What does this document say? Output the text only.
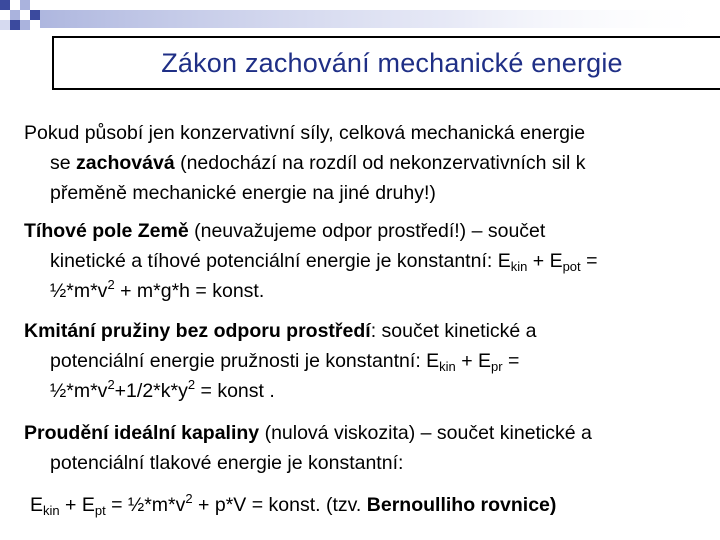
Zákon zachování mechanické energie
Pokud působí jen konzervativní síly, celková mechanická energie
se zachovává (nedochází na rozdíl od nekonzervativních sil k
přeměně mechanické energie na jiné druhy!)
Tíhové pole Země (neuvažujeme odpor prostředí!) – součet
kinetické a tíhové potenciální energie je konstantní: $E_{kin} + E_{pot}$ =
$\frac{1}{2}*m*v^2 + m*g*h$ = konst.
Kmitání pružiny bez odporu prostředí: součet kinetické a
potenciální energie pružnosti je konstantní: $E_{kin} + E_{pr}$ =
$\frac{1}{2}*m*v^2+1/2*k*y^2$ = konst .
Proudění ideální kapaliny (nulová viskozita) – součet kinetické a
potenciální tlakové energie je konstantní:
$E_{kin} + E_{pt}$ = $\frac{1}{2}*m*v^2 + p*V$ = konst. (tzv. Bernoulliho rovnice)
